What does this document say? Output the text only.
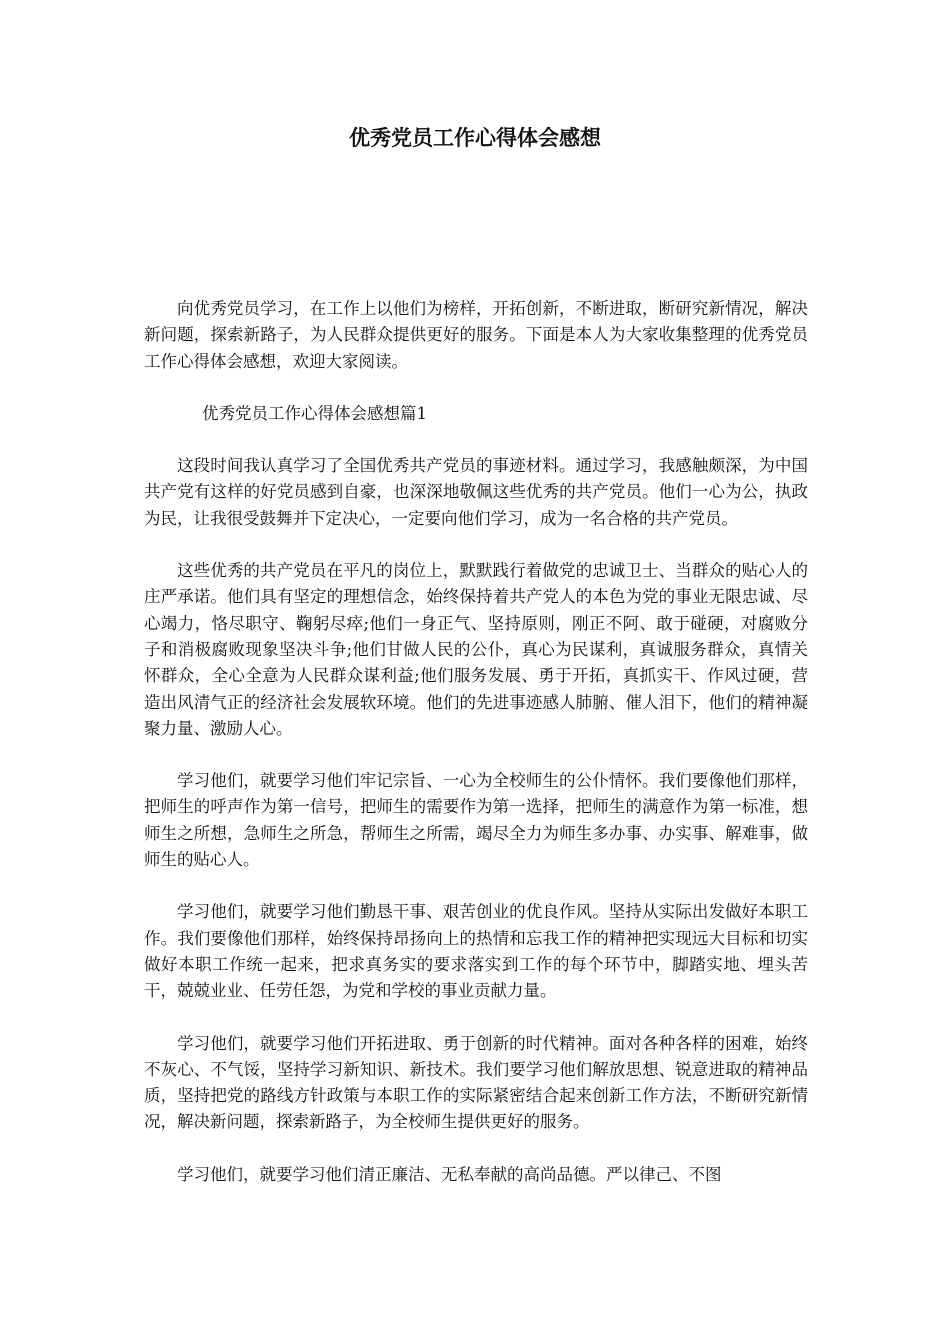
优秀党员工作心得体会感想

向优秀党员学习，在工作上以他们为榜样，开拓创新，不断进取，断研究新情况，解决新问题，探索新路子，为人民群众提供更好的服务。下面是本人为大家收集整理的优秀党员工作心得体会感想，欢迎大家阅读。

优秀党员工作心得体会感想篇1

这段时间我认真学习了全国优秀共产党员的事迹材料。通过学习，我感触颇深，为中国共产党有这样的好党员感到自豪，也深深地敬佩这些优秀的共产党员。他们一心为公，执政为民，让我很受鼓舞并下定决心，一定要向他们学习，成为一名合格的共产党员。

这些优秀的共产党员在平凡的岗位上，默默践行着做党的忠诚卫士、当群众的贴心人的庄严承诺。他们具有坚定的理想信念，始终保持着共产党人的本色为党的事业无限忠诚、尽心竭力，恪尽职守、鞠躬尽瘁;他们一身正气、坚持原则，刚正不阿、敢于碰硬，对腐败分子和消极腐败现象坚决斗争;他们甘做人民的公仆，真心为民谋利，真诚服务群众，真情关怀群众，全心全意为人民群众谋利益;他们服务发展、勇于开拓，真抓实干、作风过硬，营造出风清气正的经济社会发展软环境。他们的先进事迹感人肺腑、催人泪下，他们的精神凝聚力量、激励人心。

学习他们，就要学习他们牢记宗旨、一心为全校师生的公仆情怀。我们要像他们那样，把师生的呼声作为第一信号，把师生的需要作为第一选择，把师生的满意作为第一标准，想师生之所想，急师生之所急，帮师生之所需，竭尽全力为师生多办事、办实事、解难事，做师生的贴心人。

学习他们，就要学习他们勤恳干事、艰苦创业的优良作风。坚持从实际出发做好本职工作。我们要像他们那样，始终保持昂扬向上的热情和忘我工作的精神把实现远大目标和切实做好本职工作统一起来，把求真务实的要求落实到工作的每个环节中，脚踏实地、埋头苦干，兢兢业业、任劳任怨，为党和学校的事业贡献力量。

学习他们，就要学习他们开拓进取、勇于创新的时代精神。面对各种各样的困难，始终不灰心、不气馁，坚持学习新知识、新技术。我们要学习他们解放思想、锐意进取的精神品质，坚持把党的路线方针政策与本职工作的实际紧密结合起来创新工作方法，不断研究新情况，解决新问题，探索新路子，为全校师生提供更好的服务。

学习他们，就要学习他们清正廉洁、无私奉献的高尚品德。严以律己、不图
